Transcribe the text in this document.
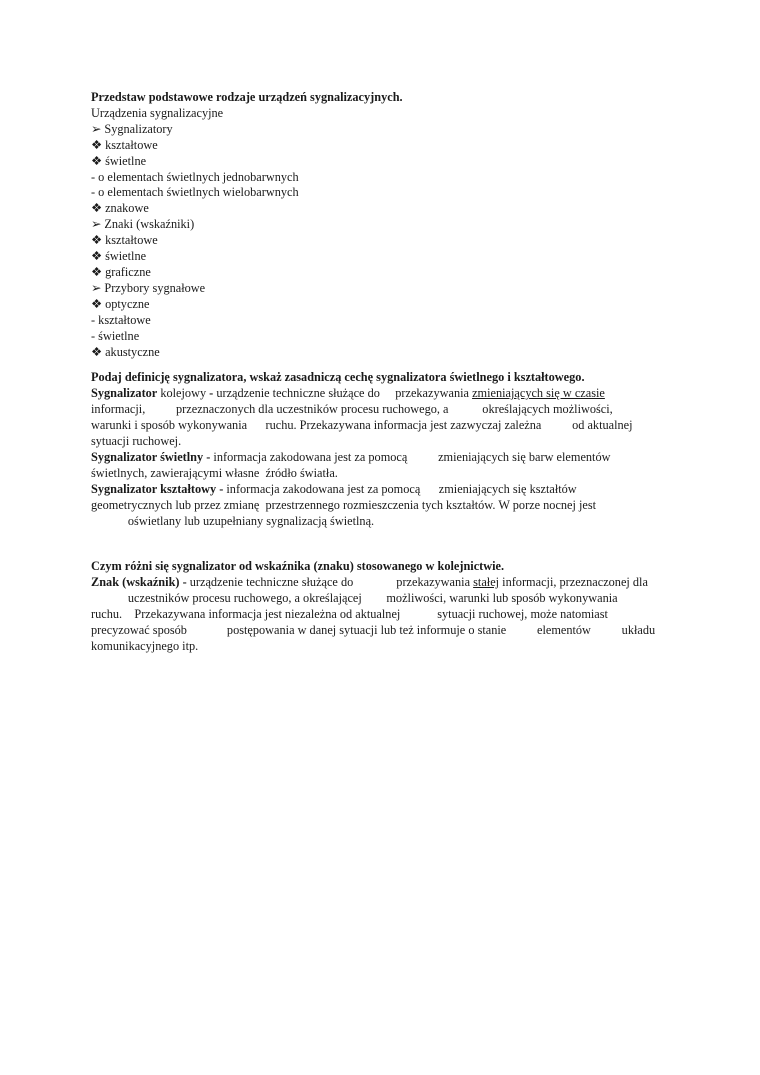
Przedstaw podstawowe rodzaje urządzeń sygnalizacyjnych.
Urządzenia sygnalizacyjne
➢ Sygnalizatory
❖ kształtowe
❖ świetlne
- o elementach świetlnych jednobarwnych
- o elementach świetlnych wielobarwnych
❖ znakowe
➢ Znaki (wskaźniki)
❖ kształtowe
❖ świetlne
❖ graficzne
➢ Przybory sygnałowe
❖ optyczne
- kształtowe
- świetlne
❖ akustyczne
Podaj definicję sygnalizatora, wskaż zasadniczą cechę sygnalizatora świetlnego i kształtowego.
Sygnalizator kolejowy - urządzenie techniczne służące do     przekazywania zmieniających się w czasie
informacji,          przeznaczonych dla uczestników procesu ruchowego, a           określających możliwości,
warunki i sposób wykonywania      ruchu. Przekazywana informacja jest zazwyczaj zależna          od aktualnej
sytuacji ruchowej.
Sygnalizator świetlny - informacja zakodowana jest za pomocą          zmieniających się barw elementów
świetlnych, zawierającymi własne  źródło światła.
Sygnalizator kształtowy - informacja zakodowana jest za pomocą      zmieniających się kształtów
geometrycznych lub przez zmianę  przestrzennego rozmieszczenia tych kształtów. W porze nocnej jest
oświetlany lub uzupełniany sygnalizacją świetlną.
Czym różni się sygnalizator od wskaźnika (znaku) stosowanego w kolejnictwie.
Znak (wskaźnik) - urządzenie techniczne służące do              przekazywania stałej informacji, przeznaczonej dla
uczestników procesu ruchowego, a określającej        możliwości, warunki lub sposób wykonywania
ruchu.    Przekazywana informacja jest niezależna od aktualnej            sytuacji ruchowej, może natomiast
precyzować sposób             postępowania w danej sytuacji lub też informuje o stanie          elementów          układu
komunikacyjnego itp.
